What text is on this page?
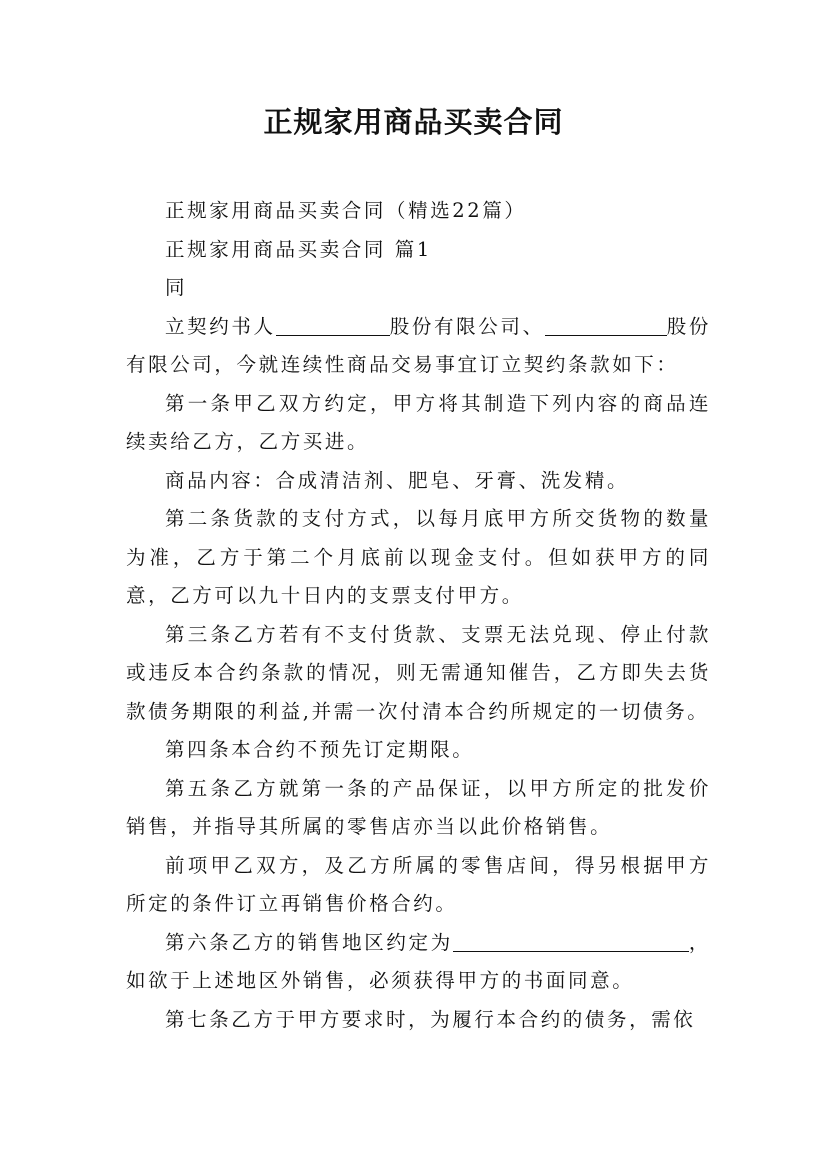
正规家用商品买卖合同

正规家用商品买卖合同（精选22篇）

正规家用商品买卖合同 篇1

同

立契约书人	股份有限公司、	股份有限公司，今就连续性商品交易事宜订立契约条款如下：

第一条甲乙双方约定，甲方将其制造下列内容的商品连续卖给乙方，乙方买进。

商品内容：合成清洁剂、肥皂、牙膏、洗发精。

第二条货款的支付方式，以每月底甲方所交货物的数量为准，乙方于第二个月底前以现金支付。但如获甲方的同意，乙方可以九十日内的支票支付甲方。

第三条乙方若有不支付货款、支票无法兑现、停止付款或违反本合约条款的情况，则无需通知催告，乙方即失去货款债务期限的利益,并需一次付清本合约所规定的一切债务。

第四条本合约不预先订定期限。

第五条乙方就第一条的产品保证，以甲方所定的批发价销售，并指导其所属的零售店亦当以此价格销售。

前项甲乙双方，及乙方所属的零售店间，得另根据甲方所定的条件订立再销售价格合约。

第六条乙方的销售地区约定为	，如欲于上述地区外销售，必须获得甲方的书面同意。

第七条乙方于甲方要求时，为履行本合约的债务，需依
